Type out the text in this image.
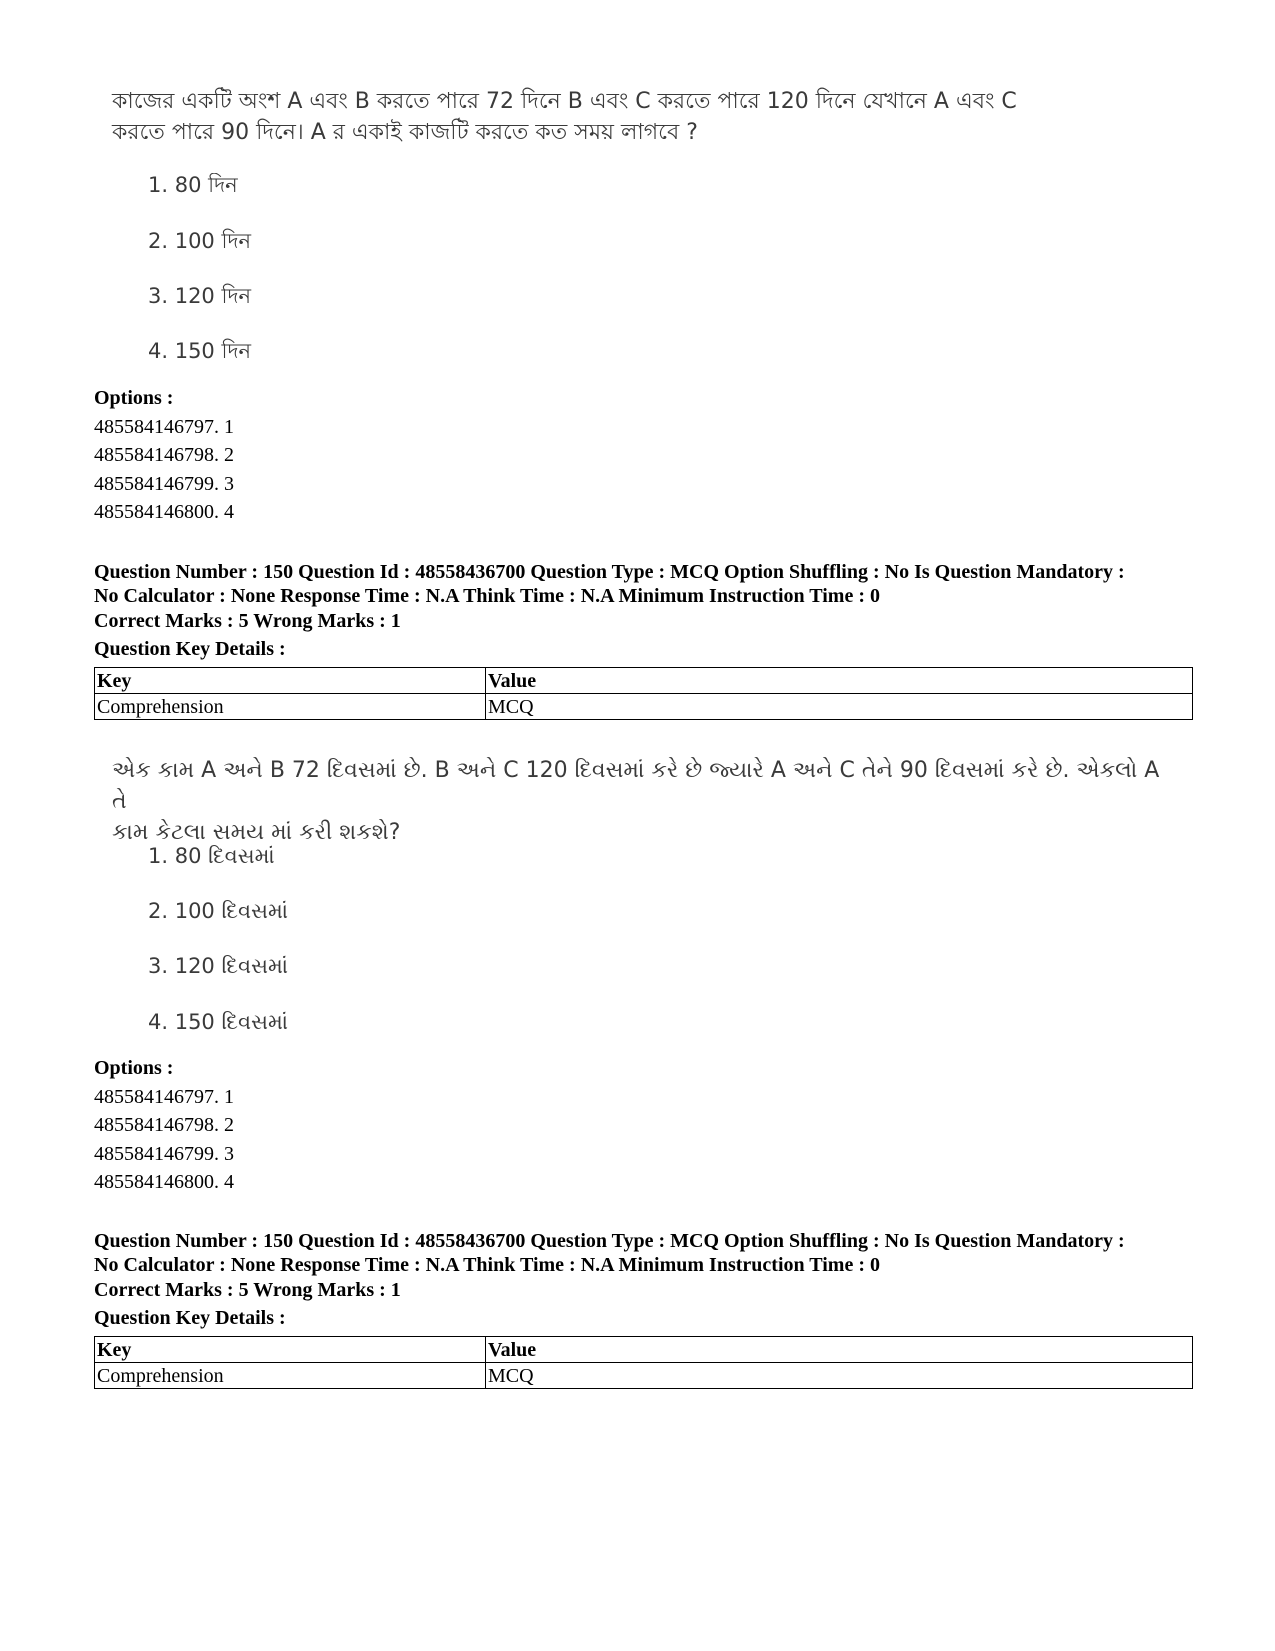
কাজের একটি অংশ A এবং B করতে পারে 72 দিনে B এবং C করতে পারে 120 দিনে যেখানে A এবং C

করতে পারে 90 দিনে। A র একাই কাজটি করতে কত সময় লাগবে ?

1. 80 দিন
2. 100 দিন
3. 120 দিন
4. 150 দিন
Options :
485584146797. 1
485584146798. 2
485584146799. 3
485584146800. 4
Question Number : 150 Question Id : 48558436700 Question Type : MCQ Option Shuffling : No Is Question Mandatory :
No Calculator : None Response Time : N.A Think Time : N.A Minimum Instruction Time : 0
Correct Marks : 5 Wrong Marks : 1
Question Key Details :
Key	Value
Comprehension	MCQ

એક કામ A અને B 72 દિવસમાં છે. B અને C 120 દિવસમાં કરે છે જ્યારે A અને C તેને 90 દિવસમાં કરે છે. એકલો A તે

કામ કેટલા સમય માં કરી શકશે?

1. 80 દિવસમાં
2. 100 દિવસમાં
3. 120 દિવસમાં
4. 150 દિવસમાં
Options :
485584146797. 1
485584146798. 2
485584146799. 3
485584146800. 4
Question Number : 150 Question Id : 48558436700 Question Type : MCQ Option Shuffling : No Is Question Mandatory :
No Calculator : None Response Time : N.A Think Time : N.A Minimum Instruction Time : 0
Correct Marks : 5 Wrong Marks : 1
Question Key Details :
Key	Value
Comprehension	MCQ
